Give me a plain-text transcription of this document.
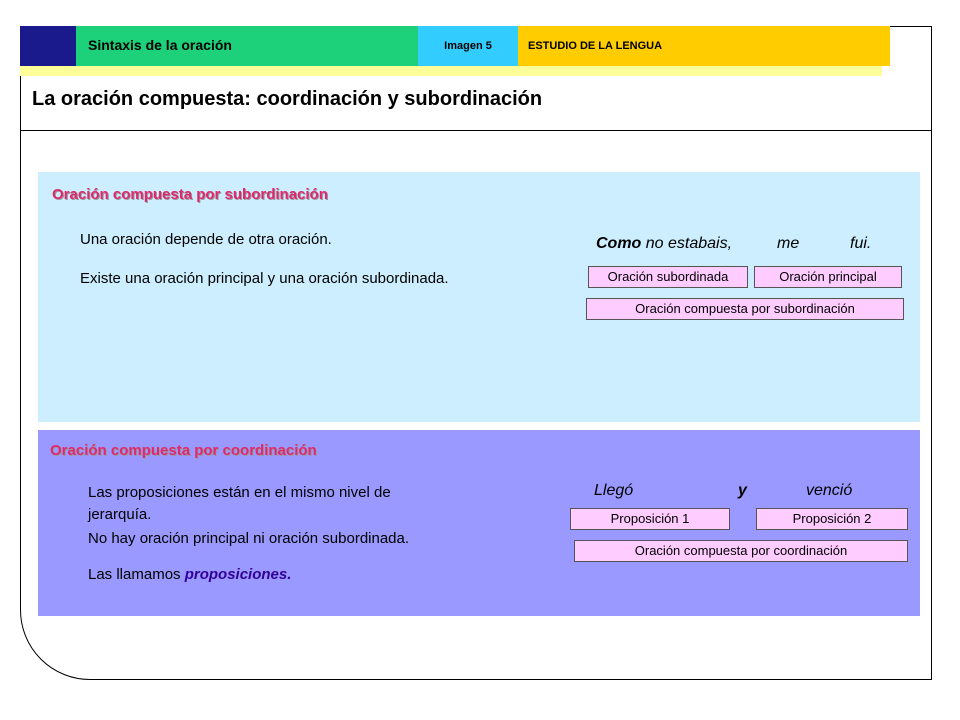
Sintaxis de la oración	Imagen 5	ESTUDIO DE LA LENGUA
La oración compuesta: coordinación y subordinación
Oración compuesta por subordinación
Una oración depende de otra oración.
Existe una oración principal y una oración subordinada.
Como no estabais,	me	fui.
Oración subordinada	Oración principal
Oración compuesta por subordinación
Oración compuesta por coordinación
Las proposiciones están en el mismo nivel de
jerarquía.
No hay oración principal ni oración subordinada.
Las llamamos proposiciones.
Llegó	y	venció
Proposición 1	Proposición 2
Oración compuesta por coordinación
